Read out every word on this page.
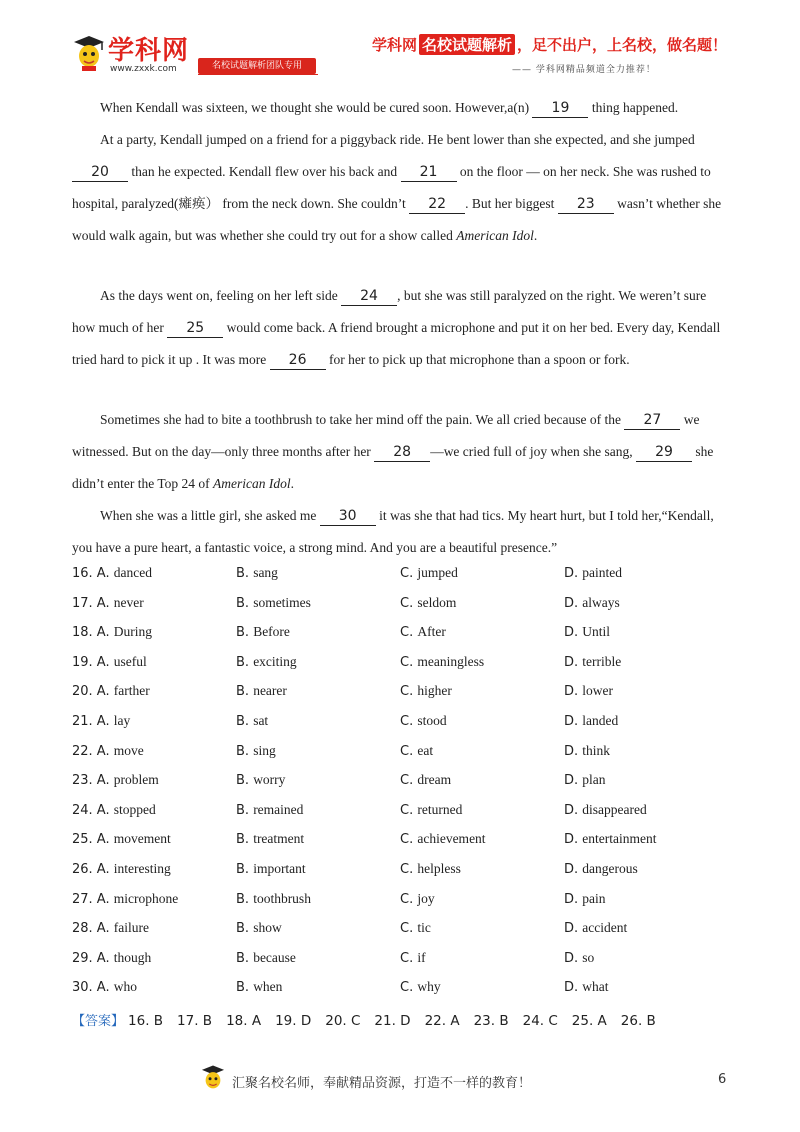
学科网
www.zxxk.com	名校试题解析团队专用
学科网 名校试题解析 ，足不出户，上名校，做名题！
—— 学科网精品频道全力推荐！
When Kendall was sixteen, we thought she would be cured soon. However,a(n) 19 thing happened.
At a party, Kendall jumped on a friend for a piggyback ride. He bent lower than she expected, and she jumped 20 than he expected. Kendall flew over his back and 21 on the floor — on her neck. She was rushed to hospital, paralyzed(瘫痪） from the neck down. She couldn’t 22 . But her biggest 23 wasn’t whether she would walk again, but was whether she could try out for a show called American Idol.
As the days went on, feeling on her left side 24 , but she was still paralyzed on the right. We weren’t sure how much of her 25 would come back. A friend brought a microphone and put it on her bed. Every day, Kendall tried hard to pick it up . It was more 26 for her to pick up that microphone than a spoon or fork.
Sometimes she had to bite a toothbrush to take her mind off the pain. We all cried because of the 27 we witnessed. But on the day—only three months after her 28 —we cried full of joy when she sang, 29 she didn’t enter the Top 24 of American Idol.
When she was a little girl, she asked me 30 it was she that had tics. My heart hurt, but I told her,“Kendall, you have a pure heart, a fantastic voice, a strong mind. And you are a beautiful presence.”
16. A. danced	B. sang	C. jumped	D. painted
17. A. never	B. sometimes	C. seldom	D. always
18. A. During	B. Before	C. After	D. Until
19. A. useful	B. exciting	C. meaningless	D. terrible
20. A. farther	B. nearer	C. higher	D. lower
21. A. lay	B. sat	C. stood	D. landed
22. A. move	B. sing	C. eat	D. think
23. A. problem	B. worry	C. dream	D. plan
24. A. stopped	B. remained	C. returned	D. disappeared
25. A. movement	B. treatment	C. achievement	D. entertainment
26. A. interesting	B. important	C. helpless	D. dangerous
27. A. microphone	B. toothbrush	C. joy	D. pain
28. A. failure	B. show	C. tic	D. accident
29. A. though	B. because	C. if	D. so
30. A. who	B. when	C. why	D. what
【答案】 16. B 17. B 18. A 19. D 20. C 21. D 22. A 23. B 24. C 25. A 26. B
汇聚名校名师，奉献精品资源，打造不一样的教育！	6
